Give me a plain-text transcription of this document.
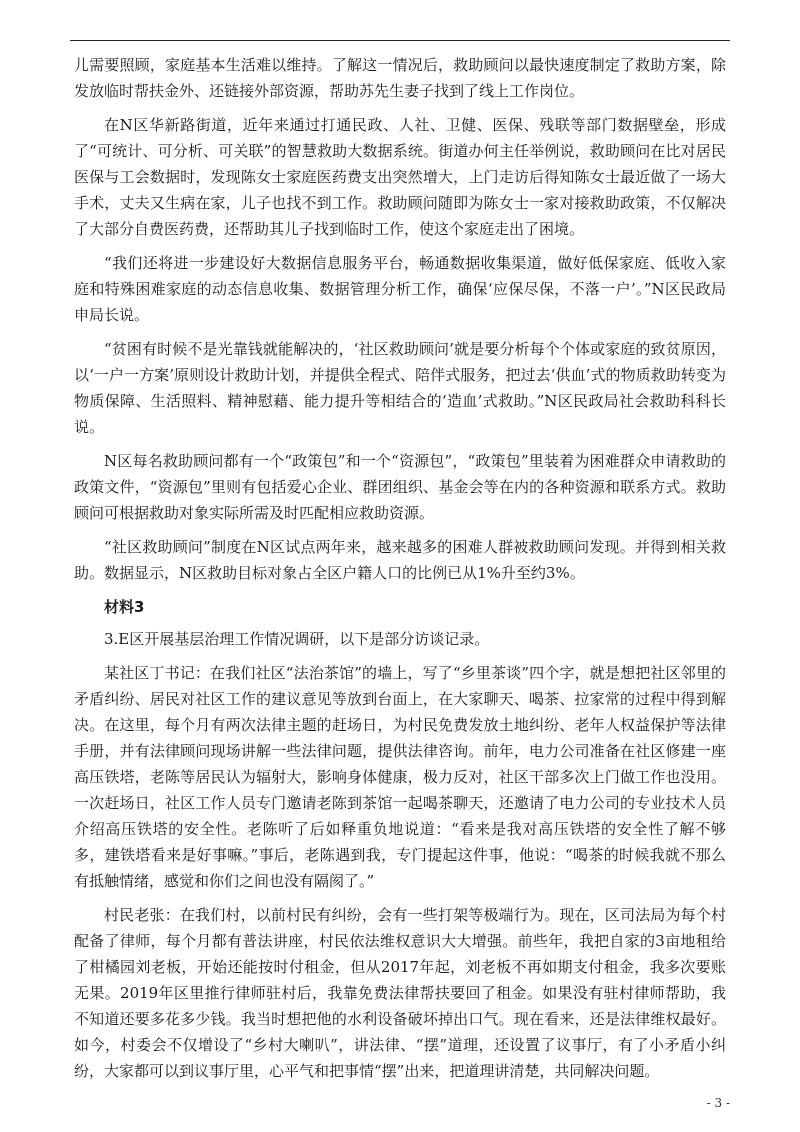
儿需要照顾，家庭基本生活难以维持。了解这一情况后，救助顾问以最快速度制定了救助方案，除发放临时帮扶金外、还链接外部资源，帮助苏先生妻子找到了线上工作岗位。

在N区华新路街道，近年来通过打通民政、人社、卫健、医保、残联等部门数据壁垒，形成了“可统计、可分析、可关联”的智慧救助大数据系统。街道办何主任举例说，救助顾问在比对居民医保与工会数据时，发现陈女士家庭医药费支出突然增大，上门走访后得知陈女士最近做了一场大手术，丈夫又生病在家，儿子也找不到工作。救助顾问随即为陈女士一家对接救助政策，不仅解决了大部分自费医药费，还帮助其儿子找到临时工作，使这个家庭走出了困境。

“我们还将进一步建设好大数据信息服务平台，畅通数据收集渠道，做好低保家庭、低收入家庭和特殊困难家庭的动态信息收集、数据管理分析工作，确保‘应保尽保，不落一户’。”N区民政局申局长说。

“贫困有时候不是光靠钱就能解决的，‘社区救助顾问’就是要分析每个个体或家庭的致贫原因，以‘一户一方案’原则设计救助计划，并提供全程式、陪伴式服务，把过去‘供血’式的物质救助转变为物质保障、生活照料、精神慰藉、能力提升等相结合的‘造血’式救助。”N区民政局社会救助科科长说。

N区每名救助顾问都有一个“政策包”和一个“资源包”，“政策包”里装着为困难群众申请救助的政策文件，“资源包”里则有包括爱心企业、群团组织、基金会等在内的各种资源和联系方式。救助顾问可根据救助对象实际所需及时匹配相应救助资源。

“社区救助顾问”制度在N区试点两年来，越来越多的困难人群被救助顾问发现。并得到相关救助。数据显示，N区救助目标对象占全区户籍人口的比例已从1%升至约3%。

材料3

3.E区开展基层治理工作情况调研，以下是部分访谈记录。

某社区丁书记：在我们社区“法治茶馆”的墙上，写了“乡里茶谈”四个字，就是想把社区邻里的矛盾纠纷、居民对社区工作的建议意见等放到台面上，在大家聊天、喝茶、拉家常的过程中得到解决。在这里，每个月有两次法律主题的赶场日，为村民免费发放土地纠纷、老年人权益保护等法律手册，并有法律顾问现场讲解一些法律问题，提供法律咨询。前年，电力公司准备在社区修建一座高压铁塔，老陈等居民认为辐射大，影响身体健康，极力反对，社区干部多次上门做工作也没用。一次赶场日，社区工作人员专门邀请老陈到茶馆一起喝茶聊天，还邀请了电力公司的专业技术人员介绍高压铁塔的安全性。老陈听了后如释重负地说道：“看来是我对高压铁塔的安全性了解不够多，建铁塔看来是好事嘛。”事后，老陈遇到我，专门提起这件事，他说：“喝茶的时候我就不那么有抵触情绪，感觉和你们之间也没有隔阂了。”

村民老张：在我们村，以前村民有纠纷，会有一些打架等极端行为。现在，区司法局为每个村配备了律师，每个月都有普法讲座，村民依法维权意识大大增强。前些年，我把自家的3亩地租给了柑橘园刘老板，开始还能按时付租金，但从2017年起，刘老板不再如期支付租金，我多次要账无果。2019年区里推行律师驻村后，我靠免费法律帮扶要回了租金。如果没有驻村律师帮助，我不知道还要多花多少钱。我当时想把他的水利设备破坏掉出口气。现在看来，还是法律维权最好。如今，村委会不仅增设了“乡村大喇叭”，讲法律、“摆”道理，还设置了议事厅，有了小矛盾小纠纷，大家都可以到议事厅里，心平气和把事情“摆”出来，把道理讲清楚，共同解决问题。

- 3 -
